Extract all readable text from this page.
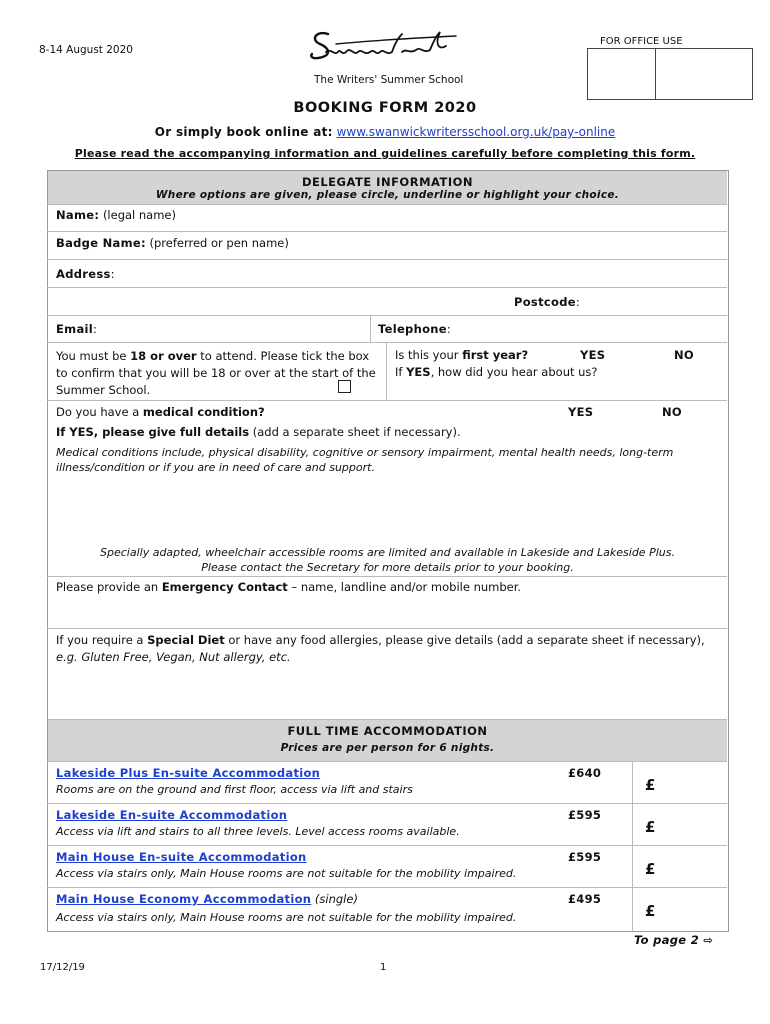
8-14 August 2020
The Writers' Summer School
FOR OFFICE USE
BOOKING FORM 2020
Or simply book online at: www.swanwickwritersschool.org.uk/pay-online
Please read the accompanying information and guidelines carefully before completing this form.
DELEGATE INFORMATION
Where options are given, please circle, underline or highlight your choice.
Name: (legal name)
Badge Name: (preferred or pen name)
Address:
Postcode:
Email:	Telephone:
You must be 18 or over to attend. Please tick the box to confirm that you will be 18 or over at the start of the Summer School.
Is this your first year?	YES	NO
If YES, how did you hear about us?
Do you have a medical condition?	YES	NO
If YES, please give full details (add a separate sheet if necessary).
Medical conditions include, physical disability, cognitive or sensory impairment, mental health needs, long-term illness/condition or if you are in need of care and support.
Specially adapted, wheelchair accessible rooms are limited and available in Lakeside and Lakeside Plus.
Please contact the Secretary for more details prior to your booking.
Please provide an Emergency Contact – name, landline and/or mobile number.
If you require a Special Diet or have any food allergies, please give details (add a separate sheet if necessary), e.g. Gluten Free, Vegan, Nut allergy, etc.
FULL TIME ACCOMMODATION
Prices are per person for 6 nights.
Lakeside Plus En-suite Accommodation	£640
Rooms are on the ground and first floor, access via lift and stairs	£
Lakeside En-suite Accommodation	£595
Access via lift and stairs to all three levels. Level access rooms available.	£
Main House En-suite Accommodation	£595
Access via stairs only, Main House rooms are not suitable for the mobility impaired.	£
Main House Economy Accommodation (single)	£495
Access via stairs only, Main House rooms are not suitable for the mobility impaired.	£
To page 2 ⇨
17/12/19	1
